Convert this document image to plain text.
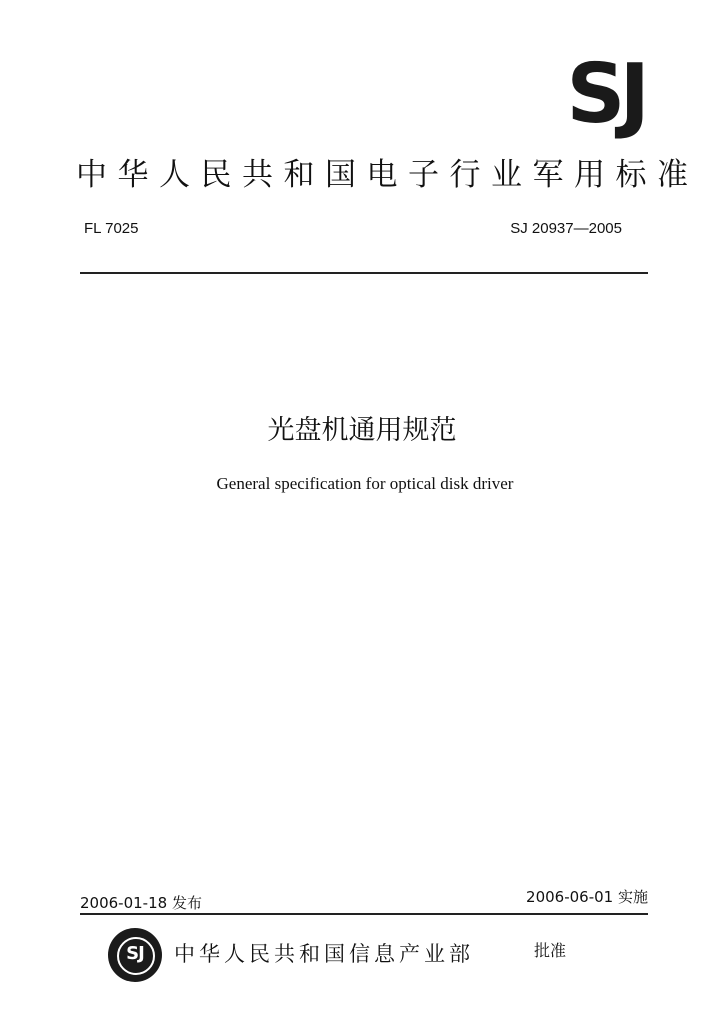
SJ
中华人民共和国电子行业军用标准
FL 7025	SJ 20937—2005
光盘机通用规范
General specification for optical disk driver
2006-01-18 发布	2006-06-01 实施
SJ	中华人民共和国信息产业部	批准
